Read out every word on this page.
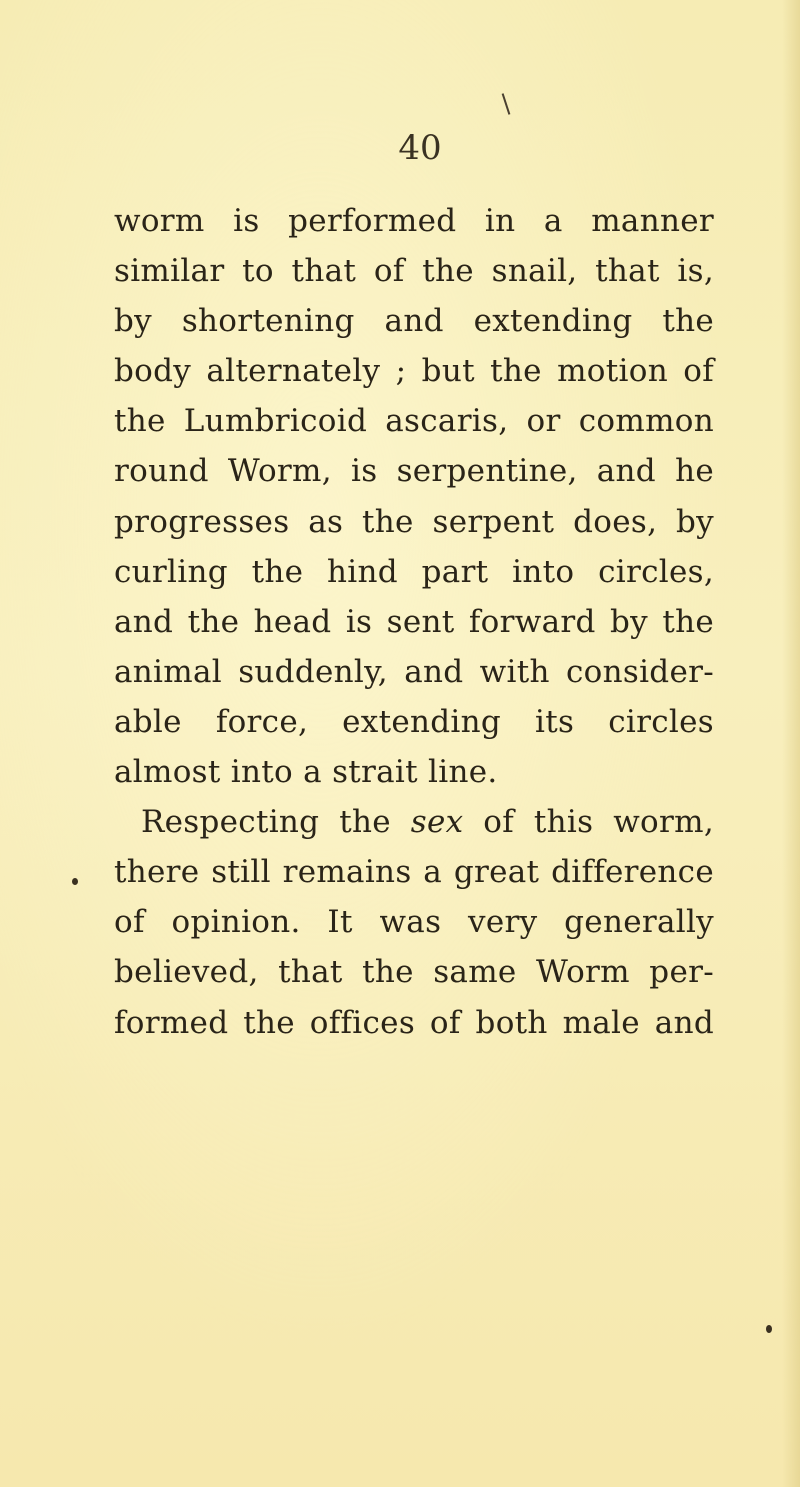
40
worm is performed in a manner
similar to that of the snail, that is,
by shortening and extending the
body alternately ; but the motion of
the Lumbricoid ascaris, or common
round Worm, is serpentine, and he
progresses as the serpent does, by
curling the hind part into circles,
and the head is sent forward by the
animal suddenly, and with consider-
able force, extending its circles
almost into a strait line.
Respecting the sex of this worm,
there still remains a great difference
of opinion. It was very generally
believed, that the same Worm per-
formed the offices of both male and
